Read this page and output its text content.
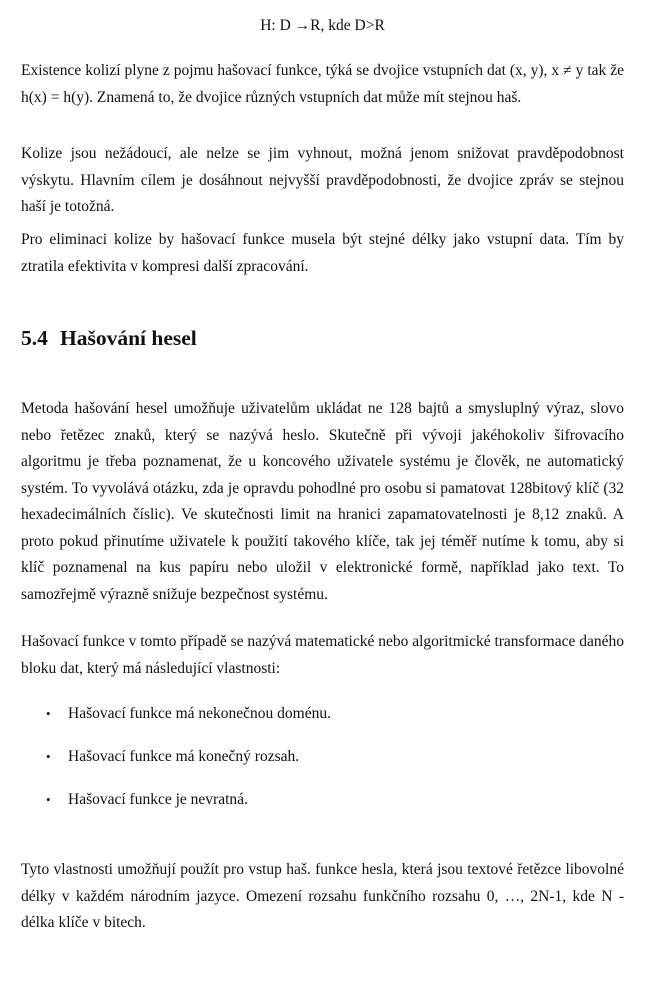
H: D →R, kde D>R

Existence kolizí plyne z pojmu hašovací funkce, týká se dvojice vstupních dat (x, y), x ≠ y tak že h(x) = h(y). Znamená to, že dvojice různých vstupních dat může mít stejnou haš.

Kolize jsou nežádoucí, ale nelze se jim vyhnout, možná jenom snižovat pravděpodobnost výskytu. Hlavním cílem je dosáhnout nejvyšší pravděpodobnosti, že dvojice zpráv se stejnou haší je totožná.

Pro eliminaci kolize by hašovací funkce musela být stejné délky jako vstupní data. Tím by ztratila efektivita v kompresi další zpracování.

5.4 Hašování hesel

Metoda hašování hesel umožňuje uživatelům ukládat ne 128 bajtů a smysluplný výraz, slovo nebo řetězec znaků, který se nazývá heslo. Skutečně při vývoji jakéhokoliv šifrovacího algoritmu je třeba poznamenat, že u koncového uživatele systému je člověk, ne automatický systém. To vyvolává otázku, zda je opravdu pohodlné pro osobu si pamatovat 128bitový klíč (32 hexadecimálních číslic). Ve skutečnosti limit na hranici zapamatovatelnosti je 8,12 znaků. A proto pokud přinutíme uživatele k použití takového klíče, tak jej téměř nutíme k tomu, aby si klíč poznamenal na kus papíru nebo uložil v elektronické formě, například jako text. To samozřejmě výrazně snižuje bezpečnost systému.

Hašovací funkce v tomto případě se nazývá matematické nebo algoritmické transformace daného bloku dat, který má následující vlastnosti:

• Hašovací funkce má nekonečnou doménu.
• Hašovací funkce má konečný rozsah.
• Hašovací funkce je nevratná.

Tyto vlastnosti umožňují použít pro vstup haš. funkce hesla, která jsou textové řetězce libovolné délky v každém národním jazyce. Omezení rozsahu funkčního rozsahu 0, …, 2N-1, kde N - délka klíče v bitech.
